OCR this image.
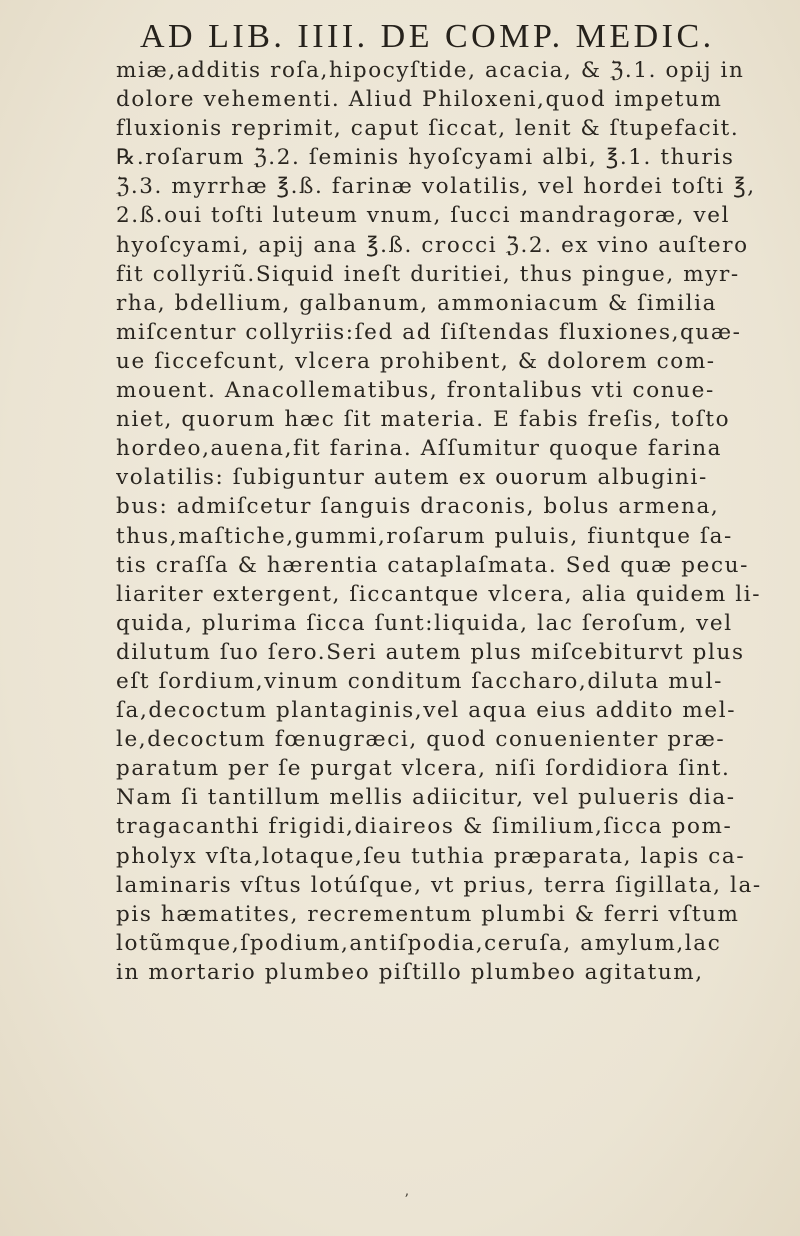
AD LIB. IIII. DE COMP. MEDIC.
miæ,additis roſa,hipocyſtide, acacia, & ℨ.1. opij in
dolore vehementi. Aliud Philoxeni,quod impetum
fluxionis reprimit, caput ſiccat, lenit & ſtupefacit.
℞.roſarum ℨ.2. ſeminis hyoſcyami albi, ℥.1. thuris
ℨ.3. myrrhæ ℥.ß. farinæ volatilis, vel hordei toſti ℥,
2.ß.oui toſti luteum vnum, ſucci mandragoræ, vel
hyoſcyami, apij ana ℥.ß. crocci ℨ.2. ex vino auſtero
fit collyriũ.Siquid ineſt duritiei, thus pingue, myr-
rha, bdellium, galbanum, ammoniacum & ſimilia
miſcentur collyriis:ſed ad ſiſtendas fluxiones,quæ-
ue ſiccefcunt, vlcera prohibent, & dolorem com-
mouent. Anacollematibus, frontalibus vti conue-
niet, quorum hæc ſit materia. E fabis freſis, toſto
hordeo,auena,fit farina. Aſſumitur quoque farina
volatilis: ſubiguntur autem ex ouorum albugini-
bus: admiſcetur ſanguis draconis, bolus armena,
thus,maſtiche,gummi,roſarum puluis, fiuntque ſa-
tis craſſa & hærentia cataplaſmata. Sed quæ pecu-
liariter extergent, ſiccantque vlcera, alia quidem li-
quida, plurima ſicca ſunt:liquida, lac ſeroſum, vel
dilutum ſuo ſero.Seri autem plus miſcebiturvt plus
eſt ſordium,vinum conditum ſaccharo,diluta mul-
ſa,decoctum plantaginis,vel aqua eius addito mel-
le,decoctum fœnugræci, quod conuenienter præ-
paratum per ſe purgat vlcera, niſi ſordidiora ſint.
Nam ſi tantillum mellis adiicitur, vel pulueris dia-
tragacanthi frigidi,diaireos & ſimilium,ſicca pom-
pholyx vſta,lotaque,ſeu tuthia præparata, lapis ca-
laminaris vſtus lotúſque, vt prius, terra ſigillata, la-
pis hæmatites, recrementum plumbi & ferri vſtum
lotũmque,ſpodium,antiſpodia,ceruſa, amylum,lac
in mortario plumbeo piſtillo plumbeo agitatum,
ʼ
